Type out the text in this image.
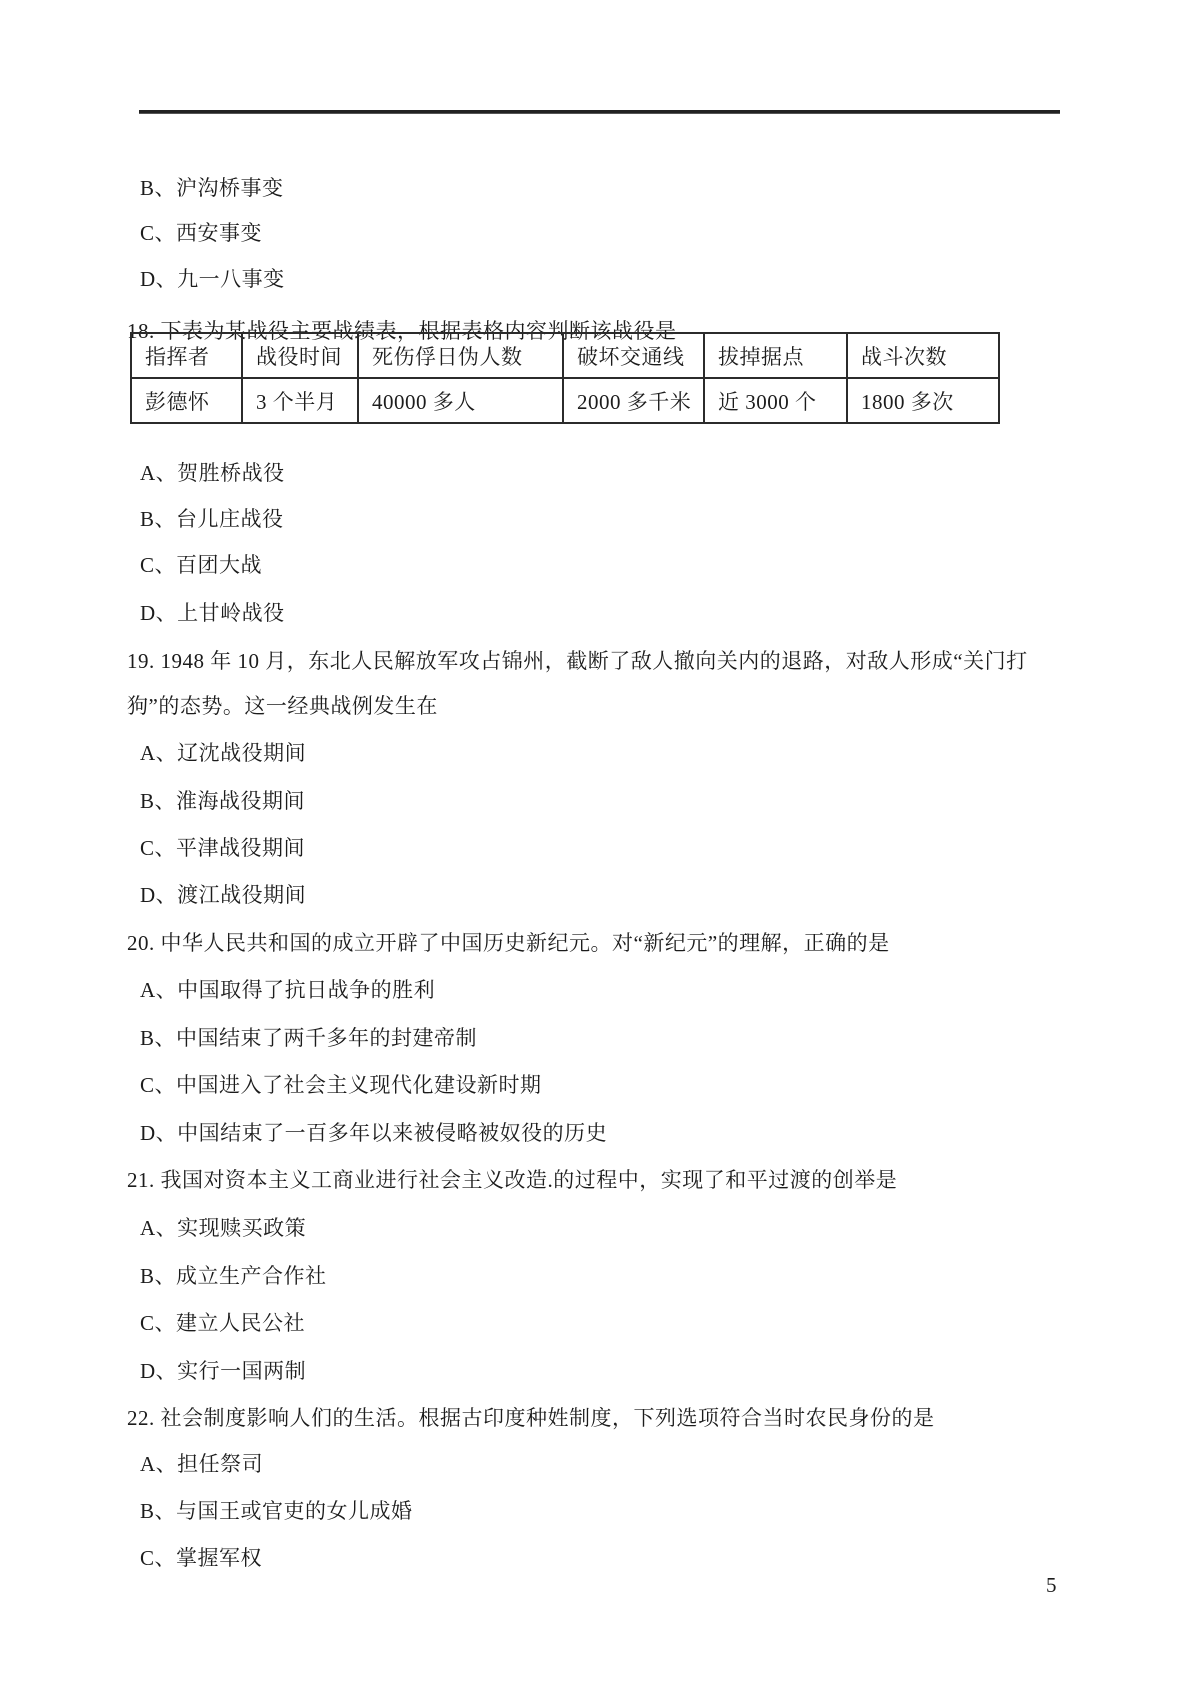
B、沪沟桥事变

C、西安事变

D、九一八事变

18. 下表为某战役主要战绩表，根据表格内容判断该战役是

指挥者	战役时间	死伤俘日伪人数	破坏交通线	拔掉据点	战斗次数
彭德怀	3 个半月	40000 多人	2000 多千米	近 3000 个	1800 多次

A、贺胜桥战役

B、台儿庄战役

C、百团大战

D、上甘岭战役

19. 1948 年 10 月，东北人民解放军攻占锦州，截断了敌人撤向关内的退路，对敌人形成“关门打

狗”的态势。这一经典战例发生在

A、辽沈战役期间

B、淮海战役期间

C、平津战役期间

D、渡江战役期间

20. 中华人民共和国的成立开辟了中国历史新纪元。对“新纪元”的理解，正确的是

A、中国取得了抗日战争的胜利

B、中国结束了两千多年的封建帝制

C、中国进入了社会主义现代化建设新时期

D、中国结束了一百多年以来被侵略被奴役的历史

21. 我国对资本主义工商业进行社会主义改造.的过程中，实现了和平过渡的创举是

A、实现赎买政策

B、成立生产合作社

C、建立人民公社

D、实行一国两制

22. 社会制度影响人们的生活。根据古印度种姓制度，下列选项符合当时农民身份的是

A、担任祭司

B、与国王或官吏的女儿成婚

C、掌握军权

5
